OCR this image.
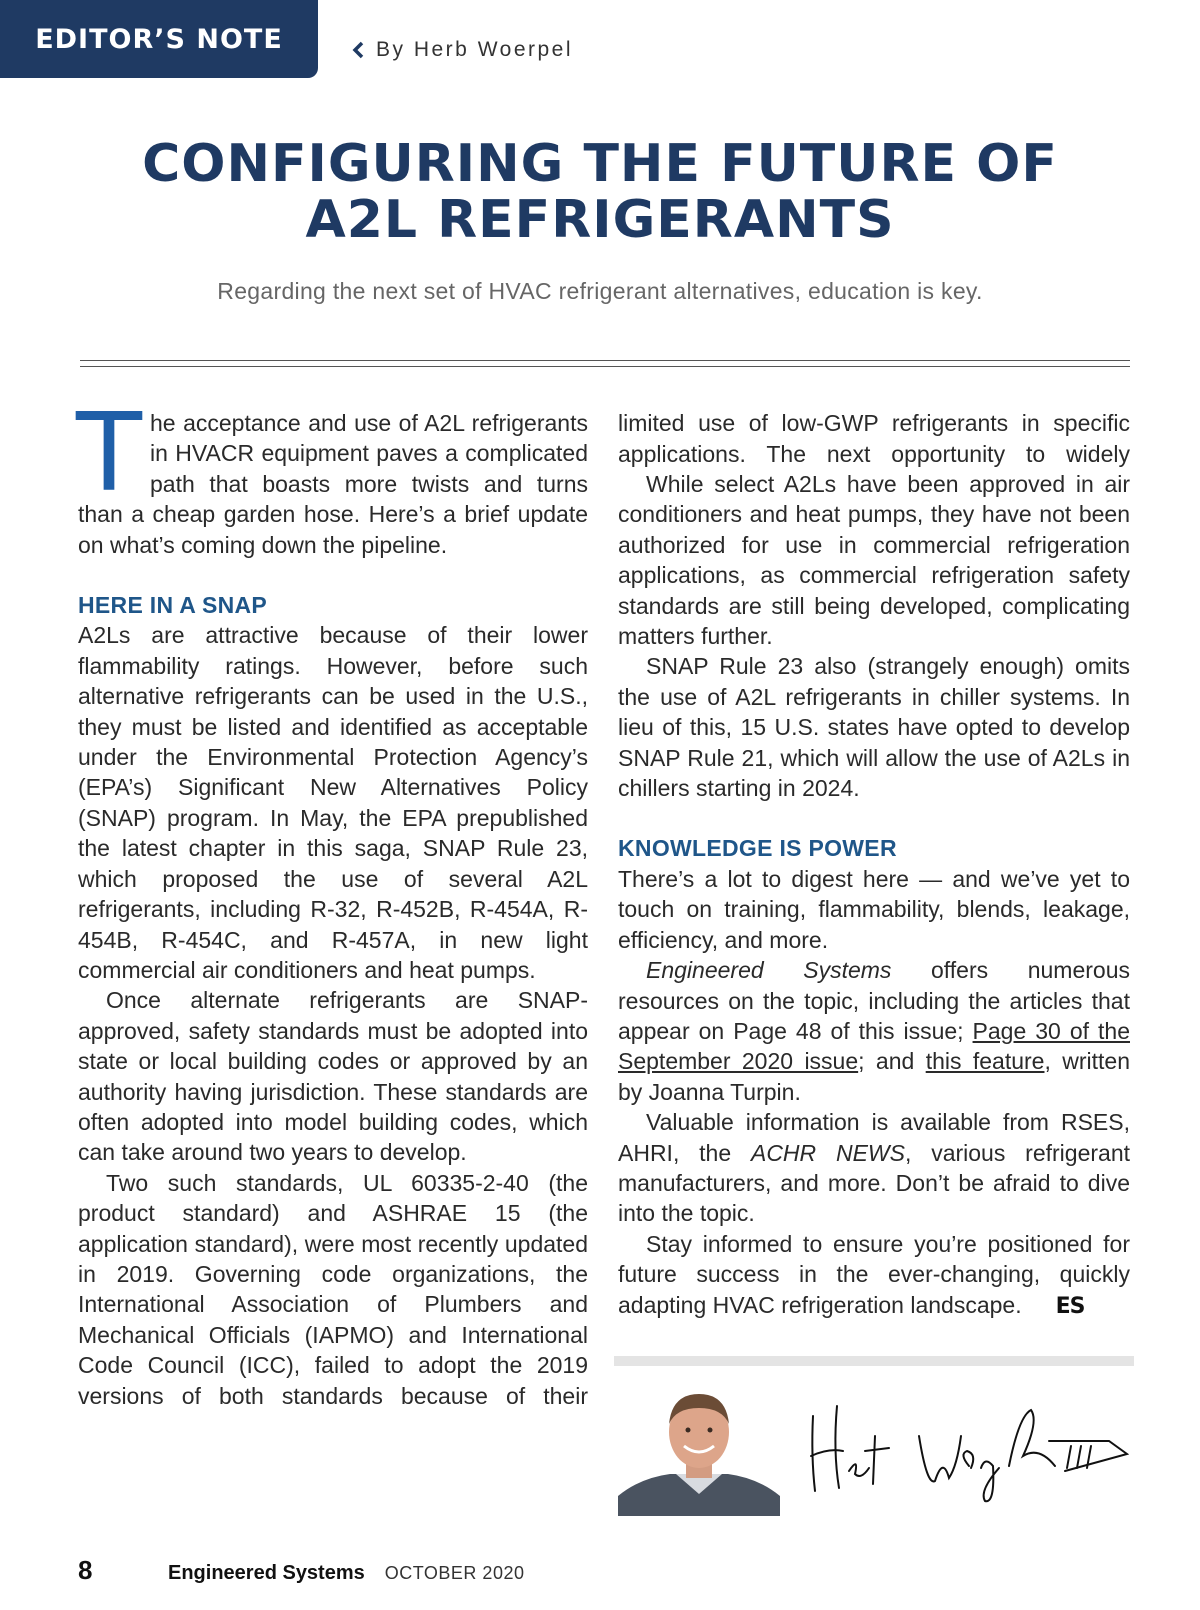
EDITOR’S NOTE	By Herb Woerpel
CONFIGURING THE FUTURE OF
A2L REFRIGERANTS

Regarding the next set of HVAC refrigerant alternatives, education is key.

The acceptance and use of A2L refrigerants in HVACR equipment paves a complicated path that boasts more twists and turns than a cheap garden hose. Here’s a brief update on what’s coming down the pipeline.

HERE IN A SNAP

A2Ls are attractive because of their lower flammability ratings. However, before such alternative refrigerants can be used in the U.S., they must be listed and identified as acceptable under the Environmental Protection Agency’s (EPA’s) Significant New Alternatives Policy (SNAP) program. In May, the EPA prepublished the latest chapter in this saga, SNAP Rule 23, which proposed the use of several A2L refrigerants, including R-32, R-452B, R-454A, R-454B, R-454C, and R-457A, in new light commercial air conditioners and heat pumps.

Once alternate refrigerants are SNAP-approved, safety standards must be adopted into state or local building codes or approved by an authority having jurisdiction. These standards are often adopted into model building codes, which can take around two years to develop.

Two such standards, UL 60335-2-40 (the product standard) and ASHRAE 15 (the application standard), were most recently updated in 2019. Governing code organizations, the International Association of Plumbers and Mechanical Officials (IAPMO) and International Code Council (ICC), failed to adopt the 2019 versions of both standards because of their

limited use of low-GWP refrigerants in specific applications. The next opportunity to widely

While select A2Ls have been approved in air conditioners and heat pumps, they have not been authorized for use in commercial refrigeration applications, as commercial refrigeration safety standards are still being developed, complicating matters further.

SNAP Rule 23 also (strangely enough) omits the use of A2L refrigerants in chiller systems. In lieu of this, 15 U.S. states have opted to develop SNAP Rule 21, which will allow the use of A2Ls in chillers starting in 2024.

KNOWLEDGE IS POWER

There’s a lot to digest here — and we’ve yet to touch on training, flammability, blends, leakage, efficiency, and more.

Engineered Systems offers numerous resources on the topic, including the articles that appear on Page 48 of this issue; Page 30 of the September 2020 issue; and this feature, written by Joanna Turpin.

Valuable information is available from RSES, AHRI, the ACHR NEWS, various refrigerant manufacturers, and more. Don’t be afraid to dive into the topic.

Stay informed to ensure you’re positioned for future success in the ever-changing, quickly adapting HVAC refrigeration landscape. ES

8	Engineered Systems OCTOBER 2020
